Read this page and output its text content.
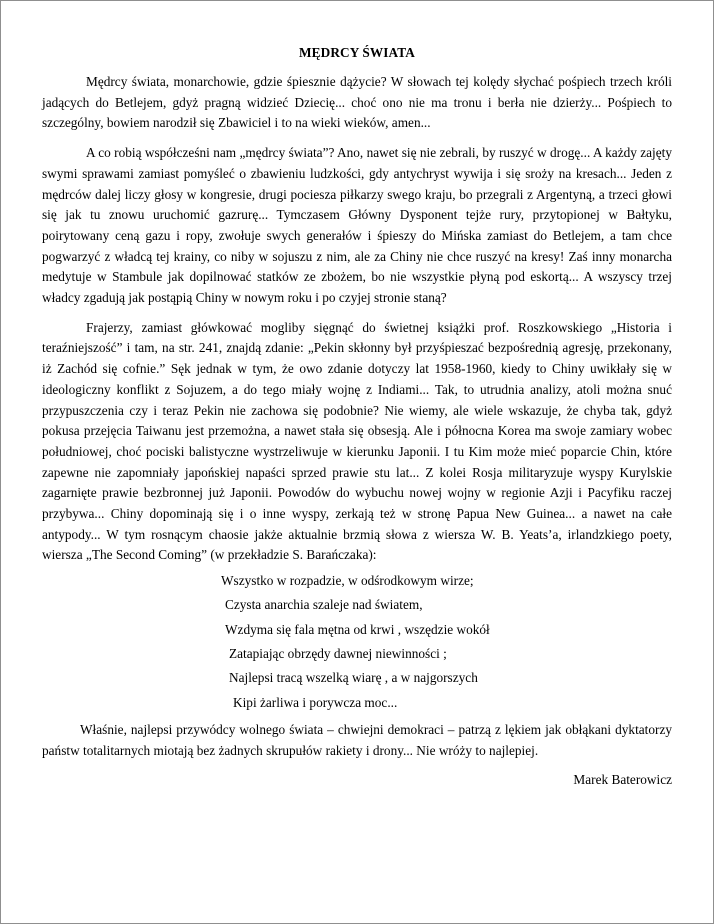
MĘDRCY ŚWIATA

Mędrcy świata, monarchowie, gdzie śpiesznie dążycie? W słowach tej kolędy słychać pośpiech trzech króli jadących do Betlejem, gdyż pragną widzieć Dziecię... choć ono nie ma tronu i berła nie dzierży... Pośpiech to szczególny, bowiem narodził się Zbawiciel i to na wieki wieków, amen...

A co robią współcześni nam „mędrcy świata”? Ano, nawet się nie zebrali, by ruszyć w drogę... A każdy zajęty swymi sprawami zamiast pomyśleć o zbawieniu ludzkości, gdy antychryst wywija i się sroży na kresach... Jeden z mędrców dalej liczy głosy w kongresie, drugi pociesza piłkarzy swego kraju, bo przegrali z Argentyną, a trzeci głowi się jak tu znowu uruchomić gazrurę... Tymczasem Główny Dysponent tejże rury, przytopionej w Bałtyku, poirytowany ceną gazu i ropy, zwołuje swych generałów i śpieszy do Mińska zamiast do Betlejem, a tam chce pogwarzyć z władcą tej krainy, co niby w sojuszu z nim, ale za Chiny nie chce ruszyć na kresy! Zaś inny monarcha medytuje w Stambule jak dopilnować statków ze zbożem, bo nie wszystkie płyną pod eskortą... A wszyscy trzej władcy zgadują jak postąpią Chiny w nowym roku i po czyjej stronie staną?

Frajerzy, zamiast główkować mogliby sięgnąć do świetnej książki prof. Roszkowskiego „Historia i teraźniejszość” i tam, na str. 241, znajdą zdanie: „Pekin skłonny był przyśpieszać bezpośrednią agresję, przekonany, iż Zachód się cofnie.” Sęk jednak w tym, że owo zdanie dotyczy lat 1958-1960, kiedy to Chiny uwikłały się w ideologiczny konflikt z Sojuzem, a do tego miały wojnę z Indiami... Tak, to utrudnia analizy, atoli można snuć przypuszczenia czy i teraz Pekin nie zachowa się podobnie? Nie wiemy, ale wiele wskazuje, że chyba tak, gdyż pokusa przejęcia Taiwanu jest przemożna, a nawet stała się obsesją. Ale i północna Korea ma swoje zamiary wobec południowej, choć pociski balistyczne wystrzeliwuje w kierunku Japonii. I tu Kim może mieć poparcie Chin, które zapewne nie zapomniały japońskiej napaści sprzed prawie stu lat... Z kolei Rosja militaryzuje wyspy Kurylskie zagarnięte prawie bezbronnej już Japonii. Powodów do wybuchu nowej wojny w regionie Azji i Pacyfiku raczej przybywa... Chiny dopominają się i o inne wyspy, zerkają też w stronę Papua New Guinea... a nawet na całe antypody... W tym rosnącym chaosie jakże aktualnie brzmią słowa z wiersza W. B. Yeats’a, irlandzkiego poety, wiersza „The Second Coming” (w przekładzie S. Barańczaka):

Wszystko w rozpadzie, w odśrodkowym wirze;
Czysta anarchia szaleje nad światem,
Wzdyma się fala mętna od krwi , wszędzie wokół
Zatapiając obrzędy dawnej niewinności ;
Najlepsi tracą wszelką wiarę , a w najgorszych
Kipi żarliwa i porywcza moc...

Właśnie, najlepsi przywódcy wolnego świata – chwiejni demokraci – patrzą z lękiem jak obłąkani dyktatorzy państw totalitarnych miotają bez żadnych skrupułów rakiety i drony... Nie wróży to najlepiej.

Marek Baterowicz
